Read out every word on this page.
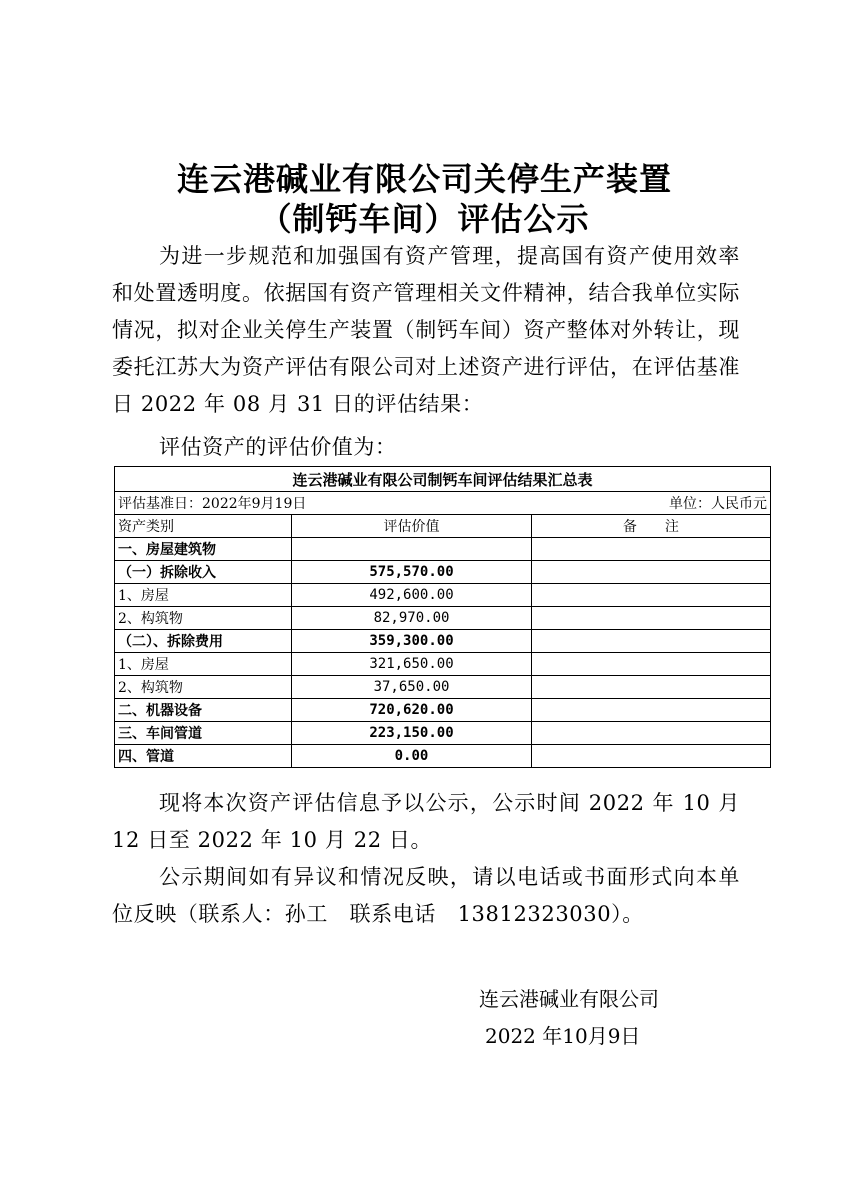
连云港碱业有限公司关停生产装置
（制钙车间）评估公示
为进一步规范和加强国有资产管理，提高国有资产使用效率和处置透明度。依据国有资产管理相关文件精神，结合我单位实际情况，拟对企业关停生产装置（制钙车间）资产整体对外转让，现委托江苏大为资产评估有限公司对上述资产进行评估，在评估基准日 2022 年 08 月 31 日的评估结果：
评估资产的评估价值为：
连云港碱业有限公司制钙车间评估结果汇总表		
评估基准日：2022年9月19日		单位：人民币元
资产类别	评估价值	备　　注
一、房屋建筑物		
（一）拆除收入	575,570.00	
1、房屋	492,600.00	
2、构筑物	82,970.00	
（二）、拆除费用	359,300.00	
1、房屋	321,650.00	
2、构筑物	37,650.00	
二、机器设备	720,620.00	
三、车间管道	223,150.00	
四、管道	0.00	
现将本次资产评估信息予以公示，公示时间 2022 年 10 月 12 日至 2022 年 10 月 22 日。
公示期间如有异议和情况反映，请以电话或书面形式向本单位反映（联系人：孙工　联系电话　13812323030）。
连云港碱业有限公司
2022 年10月9日
